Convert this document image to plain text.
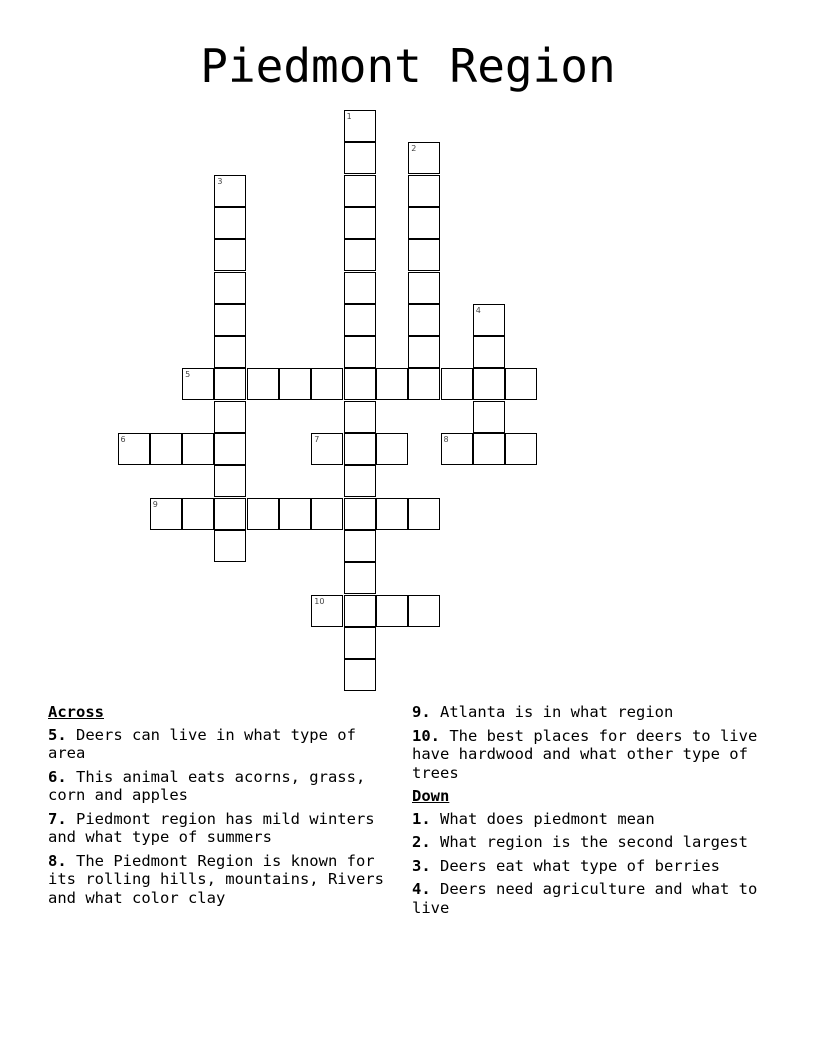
Piedmont Region
1
2
3
4
5
6	7	8
9
10
Across
5. Deers can live in what type of area
6. This animal eats acorns, grass, corn and apples
7. Piedmont region has mild winters and what type of summers
8. The Piedmont Region is known for its rolling hills, mountains, Rivers and what color clay
9. Atlanta is in what region
10. The best places for deers to live have hardwood and what other type of trees
Down
1. What does piedmont mean
2. What region is the second largest
3. Deers eat what type of berries
4. Deers need agriculture and what to live
